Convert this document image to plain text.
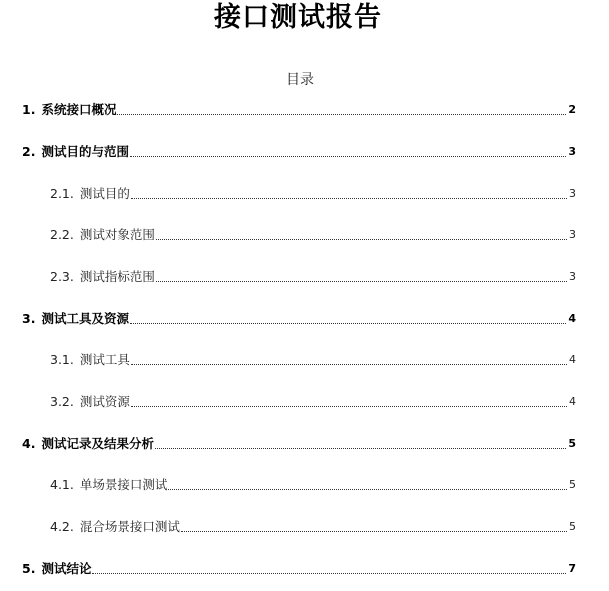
接口测试报告
目录
1. 系统接口概况	2
2. 测试目的与范围	3
2.1. 测试目的	3
2.2. 测试对象范围	3
2.3. 测试指标范围	3
3. 测试工具及资源	4
3.1. 测试工具	4
3.2. 测试资源	4
4. 测试记录及结果分析	5
4.1. 单场景接口测试	5
4.2. 混合场景接口测试	5
5. 测试结论	7
